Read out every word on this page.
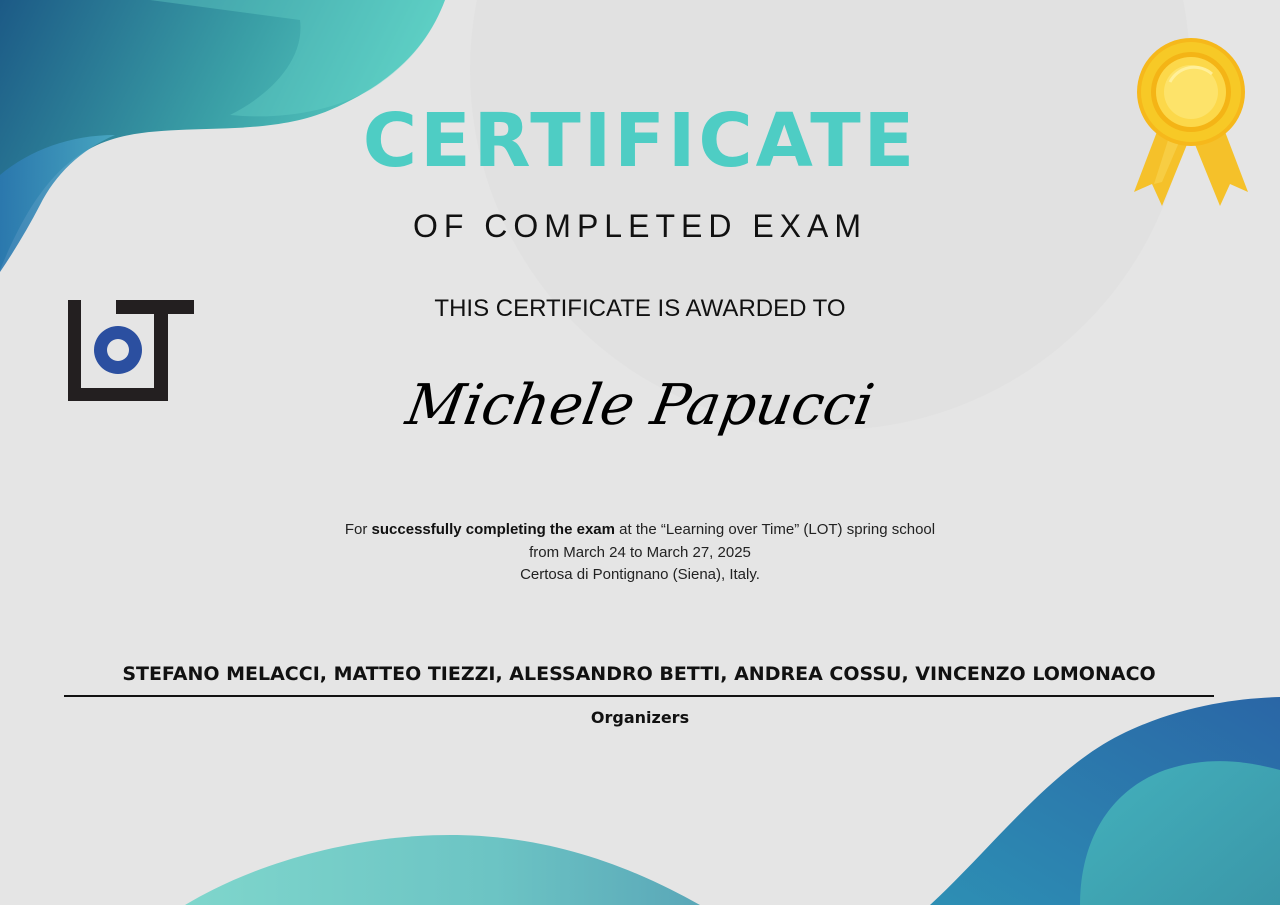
CERTIFICATE
OF COMPLETED EXAM
THIS CERTIFICATE IS AWARDED TO
Michele Papucci
For successfully completing the exam at the “Learning over Time” (LOT) spring school
from March 24 to March 27, 2025
Certosa di Pontignano (Siena), Italy.
STEFANO MELACCI, MATTEO TIEZZI, ALESSANDRO BETTI, ANDREA COSSU, VINCENZO LOMONACO
Organizers
